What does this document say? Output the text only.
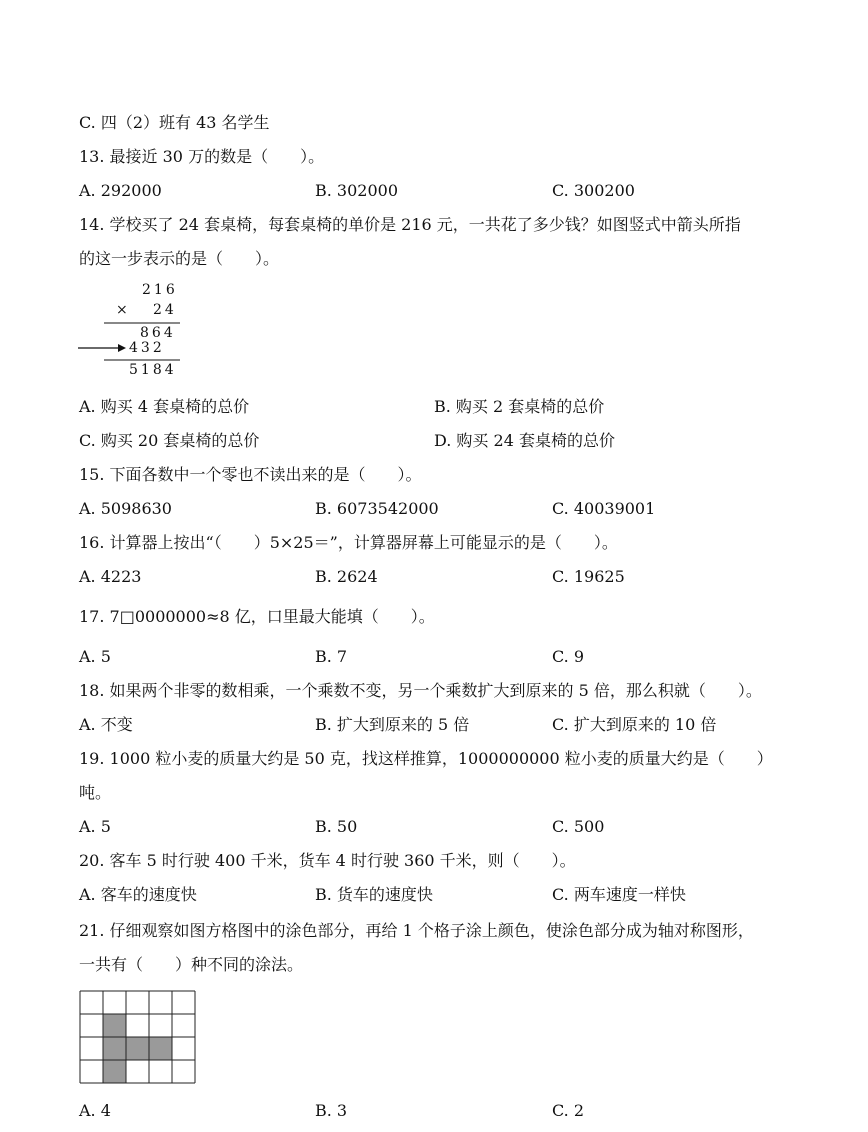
C. 四（2）班有 43 名学生
13. 最接近 30 万的数是（　　）。
A. 292000	B. 302000	C. 300200
14. 学校买了 24 套桌椅，每套桌椅的单价是 216 元，一共花了多少钱？如图竖式中箭头所指
的这一步表示的是（　　）。
216
× 24
864
432
5184
A. 购买 4 套桌椅的总价	B. 购买 2 套桌椅的总价
C. 购买 20 套桌椅的总价	D. 购买 24 套桌椅的总价
15. 下面各数中一个零也不读出来的是（　　）。
A. 5098630	B. 6073542000	C. 40039001
16. 计算器上按出“（　　）5×25＝”，计算器屏幕上可能显示的是（　　）。
A. 4223	B. 2624	C. 19625
17. 7□0000000≈8 亿，口里最大能填（　　）。
A. 5	B. 7	C. 9
18. 如果两个非零的数相乘，一个乘数不变，另一个乘数扩大到原来的 5 倍，那么积就（　　）。
A. 不变	B. 扩大到原来的 5 倍	C. 扩大到原来的 10 倍
19. 1000 粒小麦的质量大约是 50 克，找这样推算，1000000000 粒小麦的质量大约是（　　）
吨。
A. 5	B. 50	C. 500
20. 客车 5 时行驶 400 千米，货车 4 时行驶 360 千米，则（　　）。
A. 客车的速度快	B. 货车的速度快	C. 两车速度一样快
21. 仔细观察如图方格图中的涂色部分，再给 1 个格子涂上颜色，使涂色部分成为轴对称图形，
一共有（　　）种不同的涂法。
A. 4	B. 3	C. 2
